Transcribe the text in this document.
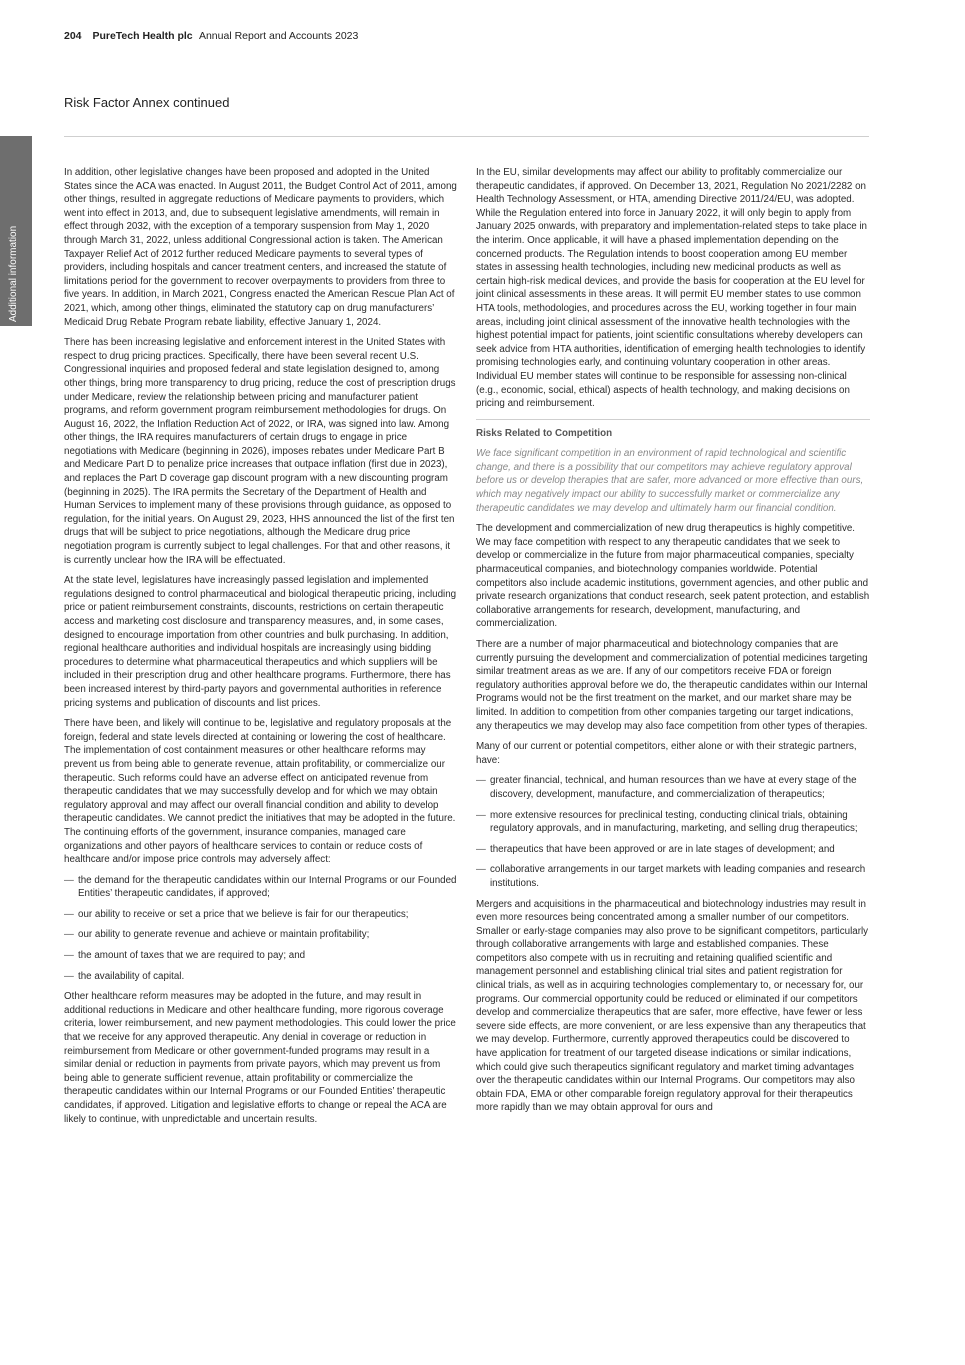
204 PureTech Health plc Annual Report and Accounts 2023
Risk Factor Annex continued
Additional information

In addition, other legislative changes have been proposed and adopted in the United States since the ACA was enacted. In August 2011, the Budget Control Act of 2011, among other things, resulted in aggregate reductions of Medicare payments to providers, which went into effect in 2013, and, due to subsequent legislative amendments, will remain in effect through 2032, with the exception of a temporary suspension from May 1, 2020 through March 31, 2022, unless additional Congressional action is taken. The American Taxpayer Relief Act of 2012 further reduced Medicare payments to several types of providers, including hospitals and cancer treatment centers, and increased the statute of limitations period for the government to recover overpayments to providers from three to five years. In addition, in March 2021, Congress enacted the American Rescue Plan Act of 2021, which, among other things, eliminated the statutory cap on drug manufacturers’ Medicaid Drug Rebate Program rebate liability, effective January 1, 2024.

There has been increasing legislative and enforcement interest in the United States with respect to drug pricing practices. Specifically, there have been several recent U.S. Congressional inquiries and proposed federal and state legislation designed to, among other things, bring more transparency to drug pricing, reduce the cost of prescription drugs under Medicare, review the relationship between pricing and manufacturer patient programs, and reform government program reimbursement methodologies for drugs. On August 16, 2022, the Inflation Reduction Act of 2022, or IRA, was signed into law. Among other things, the IRA requires manufacturers of certain drugs to engage in price negotiations with Medicare (beginning in 2026), imposes rebates under Medicare Part B and Medicare Part D to penalize price increases that outpace inflation (first due in 2023), and replaces the Part D coverage gap discount program with a new discounting program (beginning in 2025). The IRA permits the Secretary of the Department of Health and Human Services to implement many of these provisions through guidance, as opposed to regulation, for the initial years. On August 29, 2023, HHS announced the list of the first ten drugs that will be subject to price negotiations, although the Medicare drug price negotiation program is currently subject to legal challenges. For that and other reasons, it is currently unclear how the IRA will be effectuated.

At the state level, legislatures have increasingly passed legislation and implemented regulations designed to control pharmaceutical and biological therapeutic pricing, including price or patient reimbursement constraints, discounts, restrictions on certain therapeutic access and marketing cost disclosure and transparency measures, and, in some cases, designed to encourage importation from other countries and bulk purchasing. In addition, regional healthcare authorities and individual hospitals are increasingly using bidding procedures to determine what pharmaceutical therapeutics and which suppliers will be included in their prescription drug and other healthcare programs. Furthermore, there has been increased interest by third-party payors and governmental authorities in reference pricing systems and publication of discounts and list prices.

There have been, and likely will continue to be, legislative and regulatory proposals at the foreign, federal and state levels directed at containing or lowering the cost of healthcare. The implementation of cost containment measures or other healthcare reforms may prevent us from being able to generate revenue, attain profitability, or commercialize our therapeutic. Such reforms could have an adverse effect on anticipated revenue from therapeutic candidates that we may successfully develop and for which we may obtain regulatory approval and may affect our overall financial condition and ability to develop therapeutic candidates. We cannot predict the initiatives that may be adopted in the future. The continuing efforts of the government, insurance companies, managed care organizations and other payors of healthcare services to contain or reduce costs of healthcare and/or impose price controls may adversely affect:

— the demand for the therapeutic candidates within our Internal Programs or our Founded Entities’ therapeutic candidates, if approved;
— our ability to receive or set a price that we believe is fair for our therapeutics;
— our ability to generate revenue and achieve or maintain profitability;
— the amount of taxes that we are required to pay; and
— the availability of capital.

Other healthcare reform measures may be adopted in the future, and may result in additional reductions in Medicare and other healthcare funding, more rigorous coverage criteria, lower reimbursement, and new payment methodologies. This could lower the price that we receive for any approved therapeutic. Any denial in coverage or reduction in reimbursement from Medicare or other government-funded programs may result in a similar denial or reduction in payments from private payors, which may prevent us from being able to generate sufficient revenue, attain profitability or commercialize the therapeutic candidates within our Internal Programs or our Founded Entities’ therapeutic candidates, if approved. Litigation and legislative efforts to change or repeal the ACA are likely to continue, with unpredictable and uncertain results.

In the EU, similar developments may affect our ability to profitably commercialize our therapeutic candidates, if approved. On December 13, 2021, Regulation No 2021/2282 on Health Technology Assessment, or HTA, amending Directive 2011/24/EU, was adopted. While the Regulation entered into force in January 2022, it will only begin to apply from January 2025 onwards, with preparatory and implementation-related steps to take place in the interim. Once applicable, it will have a phased implementation depending on the concerned products. The Regulation intends to boost cooperation among EU member states in assessing health technologies, including new medicinal products as well as certain high-risk medical devices, and provide the basis for cooperation at the EU level for joint clinical assessments in these areas. It will permit EU member states to use common HTA tools, methodologies, and procedures across the EU, working together in four main areas, including joint clinical assessment of the innovative health technologies with the highest potential impact for patients, joint scientific consultations whereby developers can seek advice from HTA authorities, identification of emerging health technologies to identify promising technologies early, and continuing voluntary cooperation in other areas. Individual EU member states will continue to be responsible for assessing non-clinical (e.g., economic, social, ethical) aspects of health technology, and making decisions on pricing and reimbursement.

Risks Related to Competition

We face significant competition in an environment of rapid technological and scientific change, and there is a possibility that our competitors may achieve regulatory approval before us or develop therapies that are safer, more advanced or more effective than ours, which may negatively impact our ability to successfully market or commercialize any therapeutic candidates we may develop and ultimately harm our financial condition.

The development and commercialization of new drug therapeutics is highly competitive. We may face competition with respect to any therapeutic candidates that we seek to develop or commercialize in the future from major pharmaceutical companies, specialty pharmaceutical companies, and biotechnology companies worldwide. Potential competitors also include academic institutions, government agencies, and other public and private research organizations that conduct research, seek patent protection, and establish collaborative arrangements for research, development, manufacturing, and commercialization.

There are a number of major pharmaceutical and biotechnology companies that are currently pursuing the development and commercialization of potential medicines targeting similar treatment areas as we are. If any of our competitors receive FDA or foreign regulatory authorities approval before we do, the therapeutic candidates within our Internal Programs would not be the first treatment on the market, and our market share may be limited. In addition to competition from other companies targeting our target indications, any therapeutics we may develop may also face competition from other types of therapies.

Many of our current or potential competitors, either alone or with their strategic partners, have:

— greater financial, technical, and human resources than we have at every stage of the discovery, development, manufacture, and commercialization of therapeutics;
— more extensive resources for preclinical testing, conducting clinical trials, obtaining regulatory approvals, and in manufacturing, marketing, and selling drug therapeutics;
— therapeutics that have been approved or are in late stages of development; and
— collaborative arrangements in our target markets with leading companies and research institutions.

Mergers and acquisitions in the pharmaceutical and biotechnology industries may result in even more resources being concentrated among a smaller number of our competitors. Smaller or early-stage companies may also prove to be significant competitors, particularly through collaborative arrangements with large and established companies. These competitors also compete with us in recruiting and retaining qualified scientific and management personnel and establishing clinical trial sites and patient registration for clinical trials, as well as in acquiring technologies complementary to, or necessary for, our programs. Our commercial opportunity could be reduced or eliminated if our competitors develop and commercialize therapeutics that are safer, more effective, have fewer or less severe side effects, are more convenient, or are less expensive than any therapeutics that we may develop. Furthermore, currently approved therapeutics could be discovered to have application for treatment of our targeted disease indications or similar indications, which could give such therapeutics significant regulatory and market timing advantages over the therapeutic candidates within our Internal Programs. Our competitors may also obtain FDA, EMA or other comparable foreign regulatory approval for their therapeutics more rapidly than we may obtain approval for ours and
